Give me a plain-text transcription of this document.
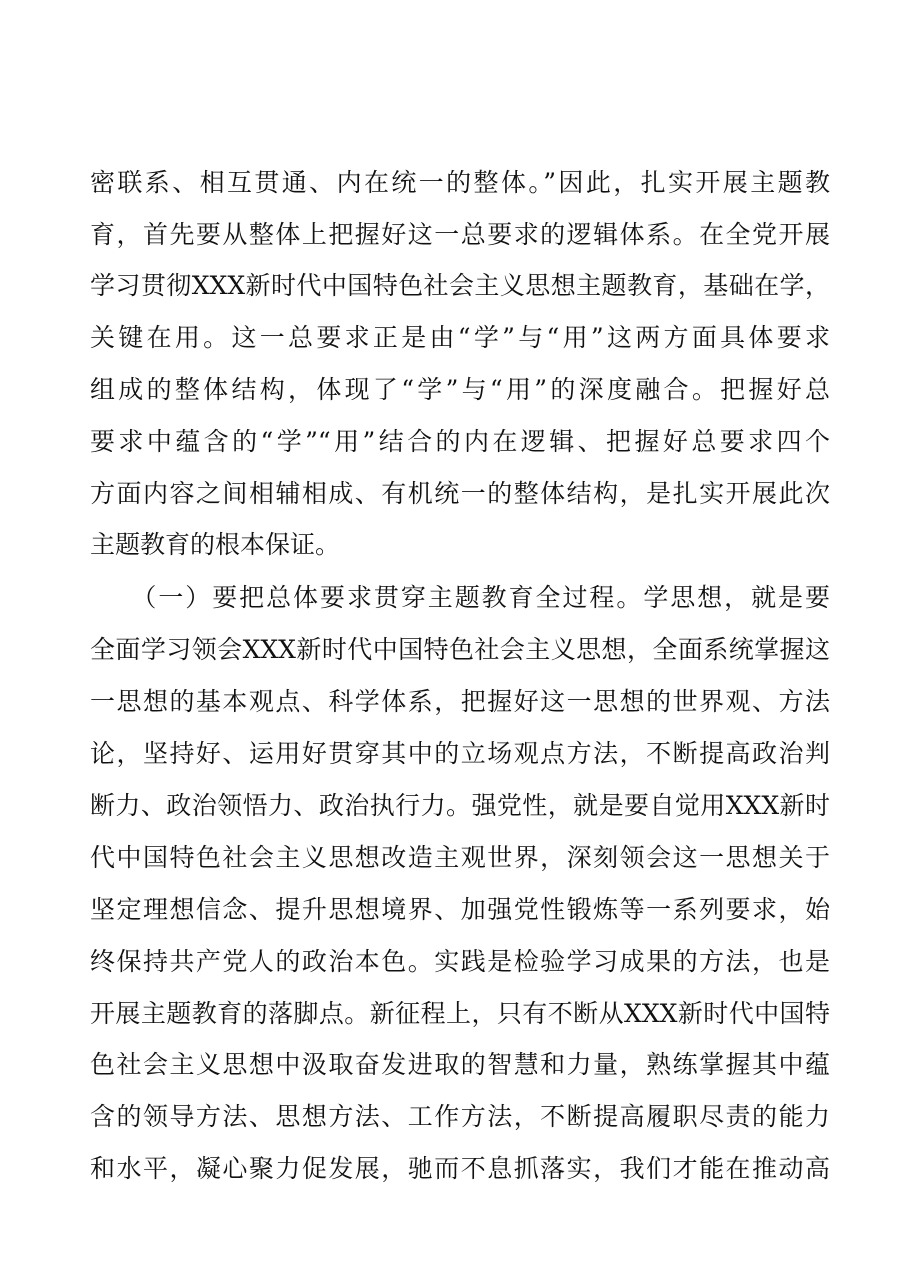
密联系、相互贯通、内在统一的整体。”因此，扎实开展主题教
育，首先要从整体上把握好这一总要求的逻辑体系。在全党开展
学习贯彻XXX新时代中国特色社会主义思想主题教育，基础在学，
关键在用。这一总要求正是由“学”与“用”这两方面具体要求
组成的整体结构，体现了“学”与“用”的深度融合。把握好总
要求中蕴含的“学”“用”结合的内在逻辑、把握好总要求四个
方面内容之间相辅相成、有机统一的整体结构，是扎实开展此次
主题教育的根本保证。
　　（一）要把总体要求贯穿主题教育全过程。学思想，就是要
全面学习领会XXX新时代中国特色社会主义思想，全面系统掌握这
一思想的基本观点、科学体系，把握好这一思想的世界观、方法
论，坚持好、运用好贯穿其中的立场观点方法，不断提高政治判
断力、政治领悟力、政治执行力。强党性，就是要自觉用XXX新时
代中国特色社会主义思想改造主观世界，深刻领会这一思想关于
坚定理想信念、提升思想境界、加强党性锻炼等一系列要求，始
终保持共产党人的政治本色。实践是检验学习成果的方法，也是
开展主题教育的落脚点。新征程上，只有不断从XXX新时代中国特
色社会主义思想中汲取奋发进取的智慧和力量，熟练掌握其中蕴
含的领导方法、思想方法、工作方法，不断提高履职尽责的能力
和水平，凝心聚力促发展，驰而不息抓落实，我们才能在推动高
